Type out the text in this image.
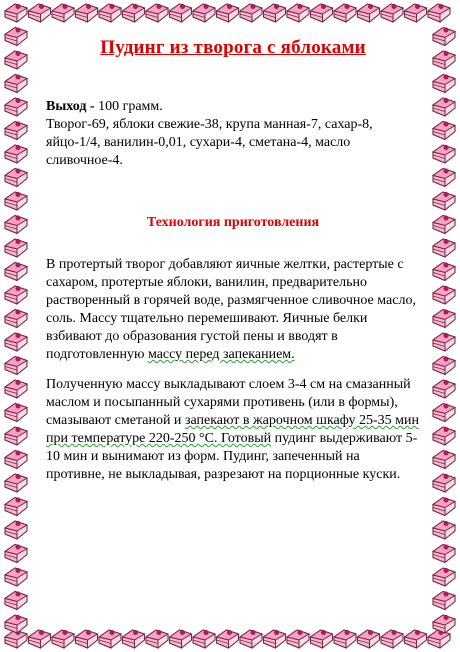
Пудинг из творога с яблоками

Выход - 100 грамм.
Творог-69, яблоки свежие-38, крупа манная-7, сахар-8, яйцо-1/4, ванилин-0,01, сухари-4, сметана-4, масло сливочное-4.

Технология приготовления

В протертый творог добавляют яичные желтки, растертые с сахаром, протертые яблоки, ванилин, предварительно растворенный в горячей воде, размягченное сливочное масло, соль. Массу тщательно перемешивают. Яичные белки взбивают до образования густой пены и вводят в подготовленную массу перед запеканием.

Полученную массу выкладывают слоем 3-4 см на смазанный маслом и посыпанный сухарями противень (или в формы), смазывают сметаной и запекают в жарочном шкафу 25-35 мин при температуре 220-250 °С. Готовый пудинг выдерживают 5-10 мин и вынимают из форм. Пудинг, запеченный на противне, не выкладывая, разрезают на порционные куски.
